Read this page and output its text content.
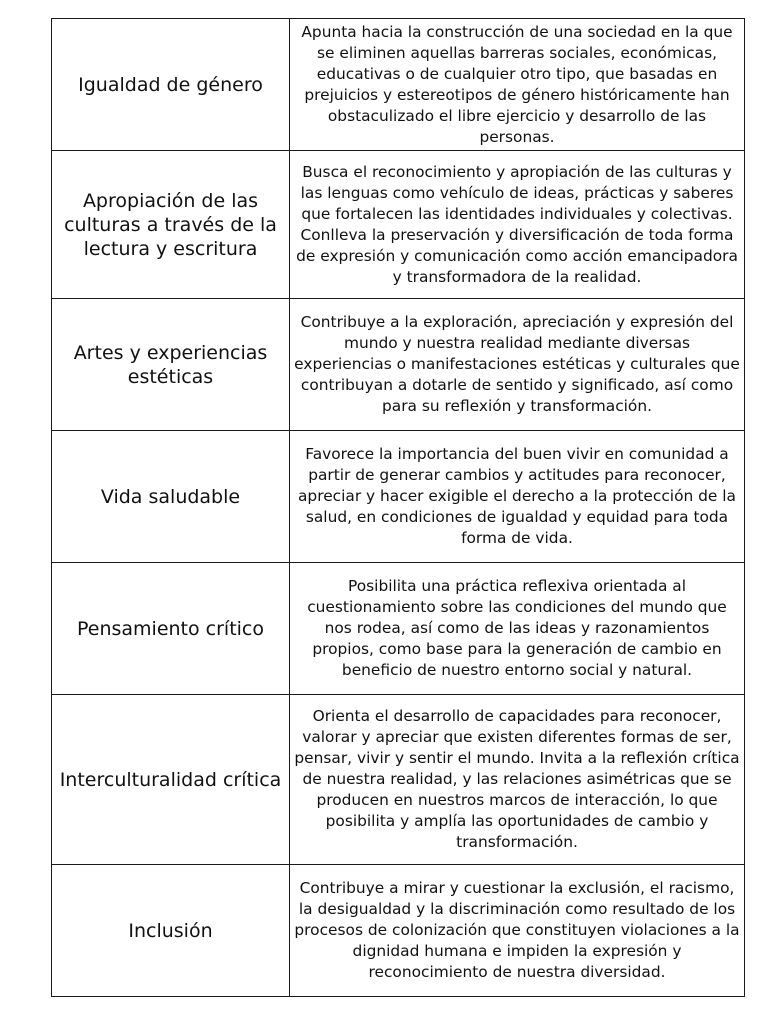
Igualdad de género	Apunta hacia la construcción de una sociedad en la que se eliminen aquellas barreras sociales, económicas, educativas o de cualquier otro tipo, que basadas en prejuicios y estereotipos de género históricamente han obstaculizado el libre ejercicio y desarrollo de las personas.
Apropiación de las culturas a través de la lectura y escritura	Busca el reconocimiento y apropiación de las culturas y las lenguas como vehículo de ideas, prácticas y saberes que fortalecen las identidades individuales y colectivas. Conlleva la preservación y diversificación de toda forma de expresión y comunicación como acción emancipadora y transformadora de la realidad.
Artes y experiencias estéticas	Contribuye a la exploración, apreciación y expresión del mundo y nuestra realidad mediante diversas experiencias o manifestaciones estéticas y culturales que contribuyan a dotarle de sentido y significado, así como para su reflexión y transformación.
Vida saludable	Favorece la importancia del buen vivir en comunidad a partir de generar cambios y actitudes para reconocer, apreciar y hacer exigible el derecho a la protección de la salud, en condiciones de igualdad y equidad para toda forma de vida.
Pensamiento crítico	Posibilita una práctica reflexiva orientada al cuestionamiento sobre las condiciones del mundo que nos rodea, así como de las ideas y razonamientos propios, como base para la generación de cambio en beneficio de nuestro entorno social y natural.
Interculturalidad crítica	Orienta el desarrollo de capacidades para reconocer, valorar y apreciar que existen diferentes formas de ser, pensar, vivir y sentir el mundo. Invita a la reflexión crítica de nuestra realidad, y las relaciones asimétricas que se producen en nuestros marcos de interacción, lo que posibilita y amplía las oportunidades de cambio y transformación.
Inclusión	Contribuye a mirar y cuestionar la exclusión, el racismo, la desigualdad y la discriminación como resultado de los procesos de colonización que constituyen violaciones a la dignidad humana e impiden la expresión y reconocimiento de nuestra diversidad.
